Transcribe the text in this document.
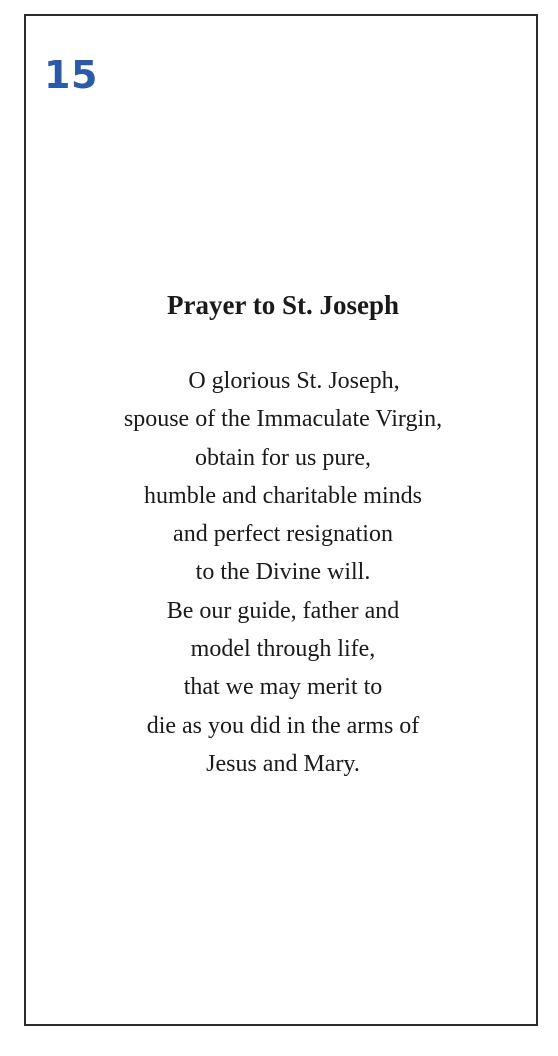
15
Prayer to St. Joseph
O glorious St. Joseph,
spouse of the Immaculate Virgin,
obtain for us pure,
humble and charitable minds
and perfect resignation
to the Divine will.
Be our guide, father and
model through life,
that we may merit to
die as you did in the arms of
Jesus and Mary.
